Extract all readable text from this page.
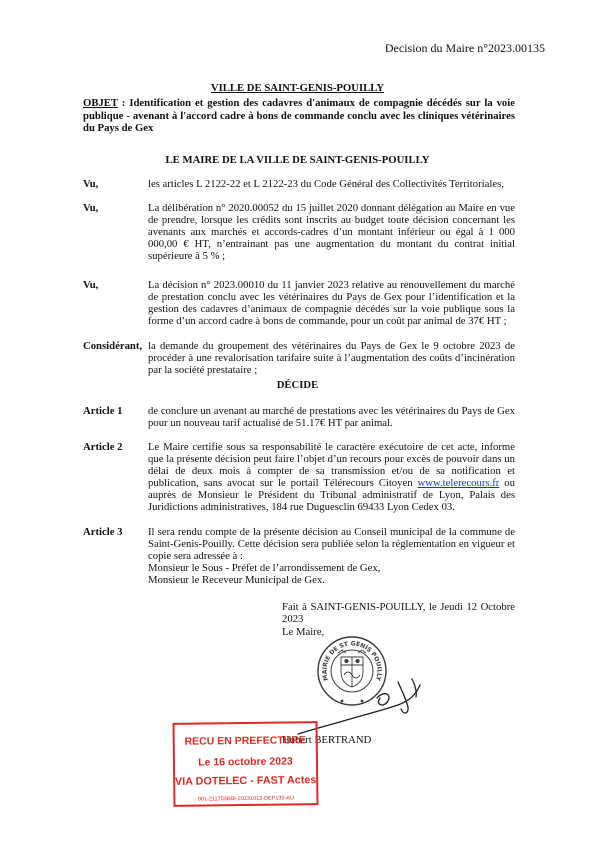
Decision du Maire n°2023.00135
VILLE DE SAINT-GENIS-POUILLY
OBJET : Identification et gestion des cadavres d'animaux de compagnie décédés sur la voie publique - avenant à l'accord cadre à bons de commande conclu avec les cliniques vétérinaires du Pays de Gex
LE MAIRE DE LA VILLE DE SAINT-GENIS-POUILLY
Vu,	les articles L 2122-22 et L 2122-23 du Code Général des Collectivités Territoriales,
Vu,	La délibération n° 2020.00052 du 15 juillet 2020 donnant délégation au Maire en vue de prendre, lorsque les crédits sont inscrits au budget toute décision concernant les avenants aux marchés et accords-cadres d’un montant inférieur ou égal à 1 000 000,00 € HT, n’entrainant pas une augmentation du montant du contrat initial supérieure à 5 % ;
Vu,	La décision n° 2023.00010 du 11 janvier 2023 relative au renouvellement du marché de prestation conclu avec les vétérinaires du Pays de Gex pour l’identification et la gestion des cadavres d’animaux de compagnie décédés sur la voie publique sous la forme d’un accord cadre à bons de commande, pour un coût par animal de 37€ HT ;
Considérant, la demande du groupement des vétérinaires du Pays de Gex le 9 octobre 2023 de procéder à une revalorisation tarifaire suite à l’augmentation des coûts d’incinération par la société prestataire ;
DÉCIDE
Article 1	de conclure un avenant au marché de prestations avec les vétérinaires du Pays de Gex pour un nouveau tarif actualisé de 51.17€ HT par animal.
Article 2	Le Maire certifie sous sa responsabilité le caractère exécutoire de cet acte, informe que la présente décision peut faire l’objet d’un recours pour excès de pouvoir dans un délai de deux mois à compter de sa transmission et/ou de sa notification et publication, sans avocat sur le portail Télérecours Citoyen www.telerecours.fr ou auprès de Monsieur le Président du Tribunal administratif de Lyon, Palais des Juridictions administratives, 184 rue Duguesclin 69433 Lyon Cedex 03.
Article 3	Il sera rendu compte de la présente décision au Conseil municipal de la commune de Saint-Genis-Pouilly. Cette décision sera publiée selon la réglementation en vigueur et copie sera adressée à :
Monsieur le Sous - Préfet de l’arrondissement de Gex,
Monsieur le Receveur Municipal de Gex.
Fait à SAINT-GENIS-POUILLY, le Jeudi 12 Octobre 2023
Le Maire,
MAIRIE DE ST GENIS POUILLY
Hubert BERTRAND
RECU EN PREFECTURE
Le 16 octobre 2023
VIA DOTELEC - FAST Actes
001-211703846-20231012-DEP135-AU
